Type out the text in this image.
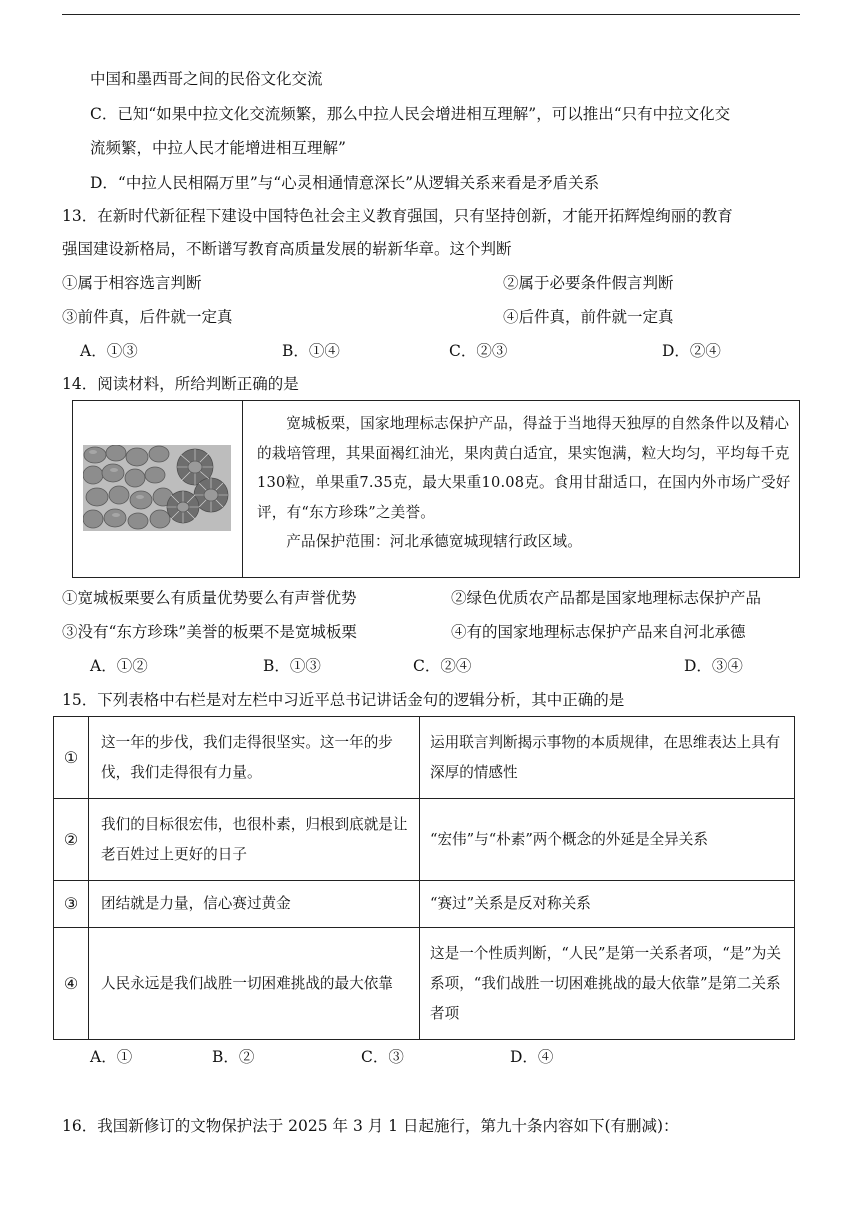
中国和墨西哥之间的民俗文化交流
C．已知“如果中拉文化交流频繁，那么中拉人民会增进相互理解”，可以推出“只有中拉文化交
流频繁，中拉人民才能增进相互理解”
D．“中拉人民相隔万里”与“心灵相通情意深长”从逻辑关系来看是矛盾关系
13．在新时代新征程下建设中国特色社会主义教育强国，只有坚持创新，才能开拓辉煌绚丽的教育
强国建设新格局，不断谱写教育高质量发展的崭新华章。这个判断
①属于相容选言判断	②属于必要条件假言判断
③前件真，后件就一定真	④后件真，前件就一定真
A．①③	B．①④	C．②③	D．②④
14．阅读材料，所给判断正确的是

宽城板栗，国家地理标志保护产品，得益于当地得天独厚的自然条件以及精心的栽培管理，其果面褐红油光，果肉黄白适宜，果实饱满，粒大均匀，平均每千克130粒，单果重7.35克，最大果重10.08克。食用甘甜适口，在国内外市场广受好评，有“东方珍珠”之美誉。

产品保护范围：河北承德宽城现辖行政区域。

①宽城板栗要么有质量优势要么有声誉优势	②绿色优质农产品都是国家地理标志保护产品
③没有“东方珍珠”美誉的板栗不是宽城板栗	④有的国家地理标志保护产品来自河北承德
A．①②	B．①③	C．②④	D．③④
15．下列表格中右栏是对左栏中习近平总书记讲话金句的逻辑分析，其中正确的是
①	这一年的步伐，我们走得很坚实。这一年的步伐，我们走得很有力量。	运用联言判断揭示事物的本质规律，在思维表达上具有深厚的情感性
②	我们的目标很宏伟，也很朴素，归根到底就是让老百姓过上更好的日子	“宏伟”与“朴素”两个概念的外延是全异关系
③	团结就是力量，信心赛过黄金	“赛过”关系是反对称关系
④	人民永远是我们战胜一切困难挑战的最大依靠	这是一个性质判断，“人民”是第一关系者项，“是”为关系项，“我们战胜一切困难挑战的最大依靠”是第二关系者项
A．①	B．②	C．③	D．④
16．我国新修订的文物保护法于 2025 年 3 月 1 日起施行，第九十条内容如下(有删减)：
